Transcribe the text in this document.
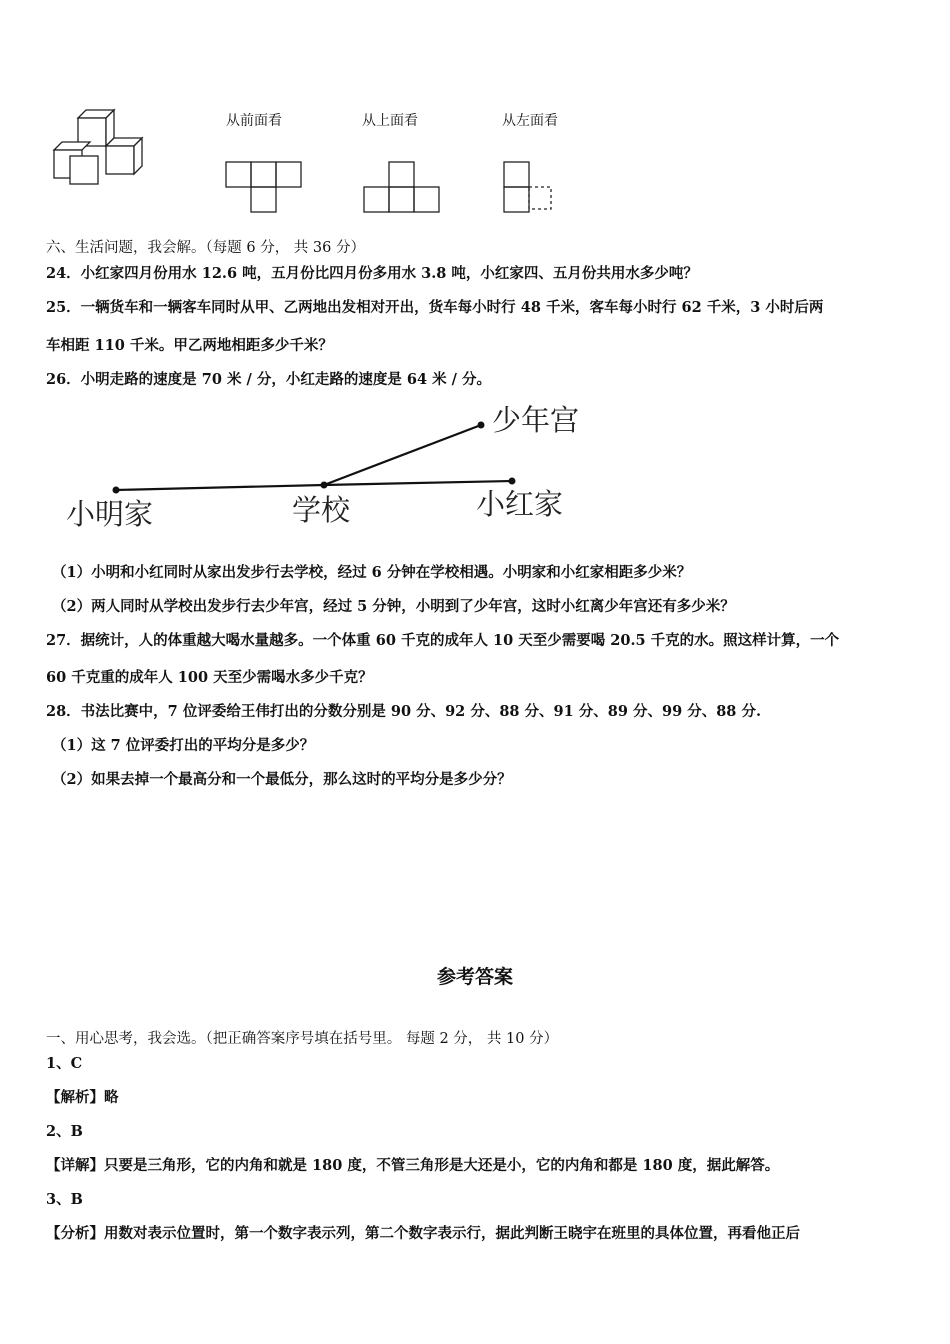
从前面看	从上面看	从左面看
六、生活问题，我会解。（每题 6 分， 共 36 分）
24．小红家四月份用水 12.6 吨，五月份比四月份多用水 3.8 吨，小红家四、五月份共用水多少吨？
25．一辆货车和一辆客车同时从甲、乙两地出发相对开出，货车每小时行 48 千米，客车每小时行 62 千米，3 小时后两
车相距 110 千米。甲乙两地相距多少千米？
26．小明走路的速度是 70 米 / 分，小红走路的速度是 64 米 / 分。
小明家	学校	小红家
少年宫
（1）小明和小红同时从家出发步行去学校，经过 6 分钟在学校相遇。小明家和小红家相距多少米？
（2）两人同时从学校出发步行去少年宫，经过 5 分钟，小明到了少年宫，这时小红离少年宫还有多少米？
27．据统计，人的体重越大喝水量越多。一个体重 60 千克的成年人 10 天至少需要喝 20.5 千克的水。照这样计算，一个
60 千克重的成年人 100 天至少需喝水多少千克？
28．书法比赛中，7 位评委给王伟打出的分数分别是 90 分、92 分、88 分、91 分、89 分、99 分、88 分.
（1）这 7 位评委打出的平均分是多少？
（2）如果去掉一个最高分和一个最低分，那么这时的平均分是多少分？
参考答案
一、用心思考，我会选。（把正确答案序号填在括号里。 每题 2 分， 共 10 分）
1、C
【解析】略
2、B
【详解】只要是三角形，它的内角和就是 180 度，不管三角形是大还是小，它的内角和都是 180 度，据此解答。
3、B
【分析】用数对表示位置时，第一个数字表示列，第二个数字表示行，据此判断王晓宇在班里的具体位置，再看他正后
